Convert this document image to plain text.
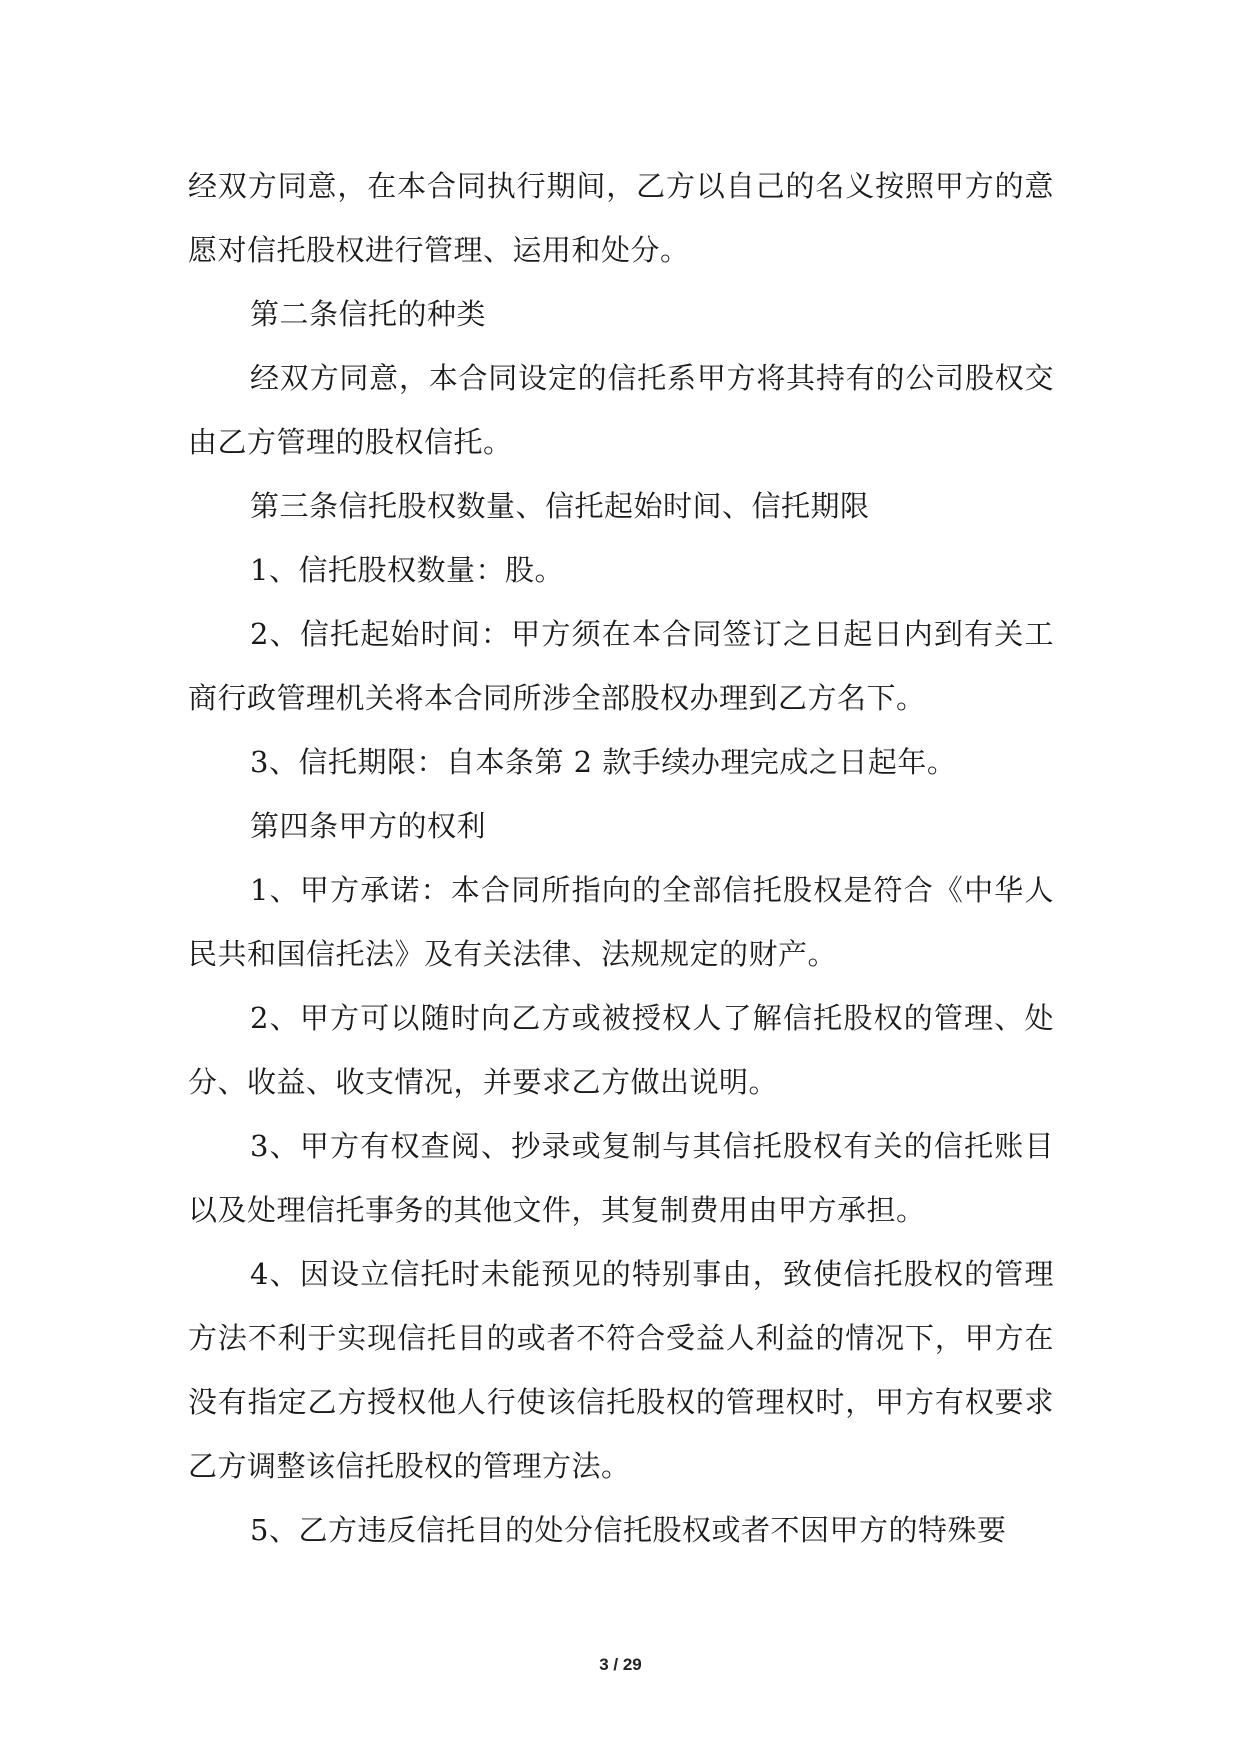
经双方同意，在本合同执行期间，乙方以自己的名义按照甲方的意愿对信托股权进行管理、运用和处分。

第二条信托的种类

经双方同意，本合同设定的信托系甲方将其持有的公司股权交由乙方管理的股权信托。

第三条信托股权数量、信托起始时间、信托期限

1、信托股权数量：股。

2、信托起始时间：甲方须在本合同签订之日起日内到有关工商行政管理机关将本合同所涉全部股权办理到乙方名下。

3、信托期限：自本条第 2 款手续办理完成之日起年。

第四条甲方的权利

1、甲方承诺：本合同所指向的全部信托股权是符合《中华人民共和国信托法》及有关法律、法规规定的财产。

2、甲方可以随时向乙方或被授权人了解信托股权的管理、处分、收益、收支情况，并要求乙方做出说明。

3、甲方有权查阅、抄录或复制与其信托股权有关的信托账目以及处理信托事务的其他文件，其复制费用由甲方承担。

4、因设立信托时未能预见的特别事由，致使信托股权的管理方法不利于实现信托目的或者不符合受益人利益的情况下，甲方在没有指定乙方授权他人行使该信托股权的管理权时，甲方有权要求乙方调整该信托股权的管理方法。

5、乙方违反信托目的处分信托股权或者不因甲方的特殊要

3 / 29
